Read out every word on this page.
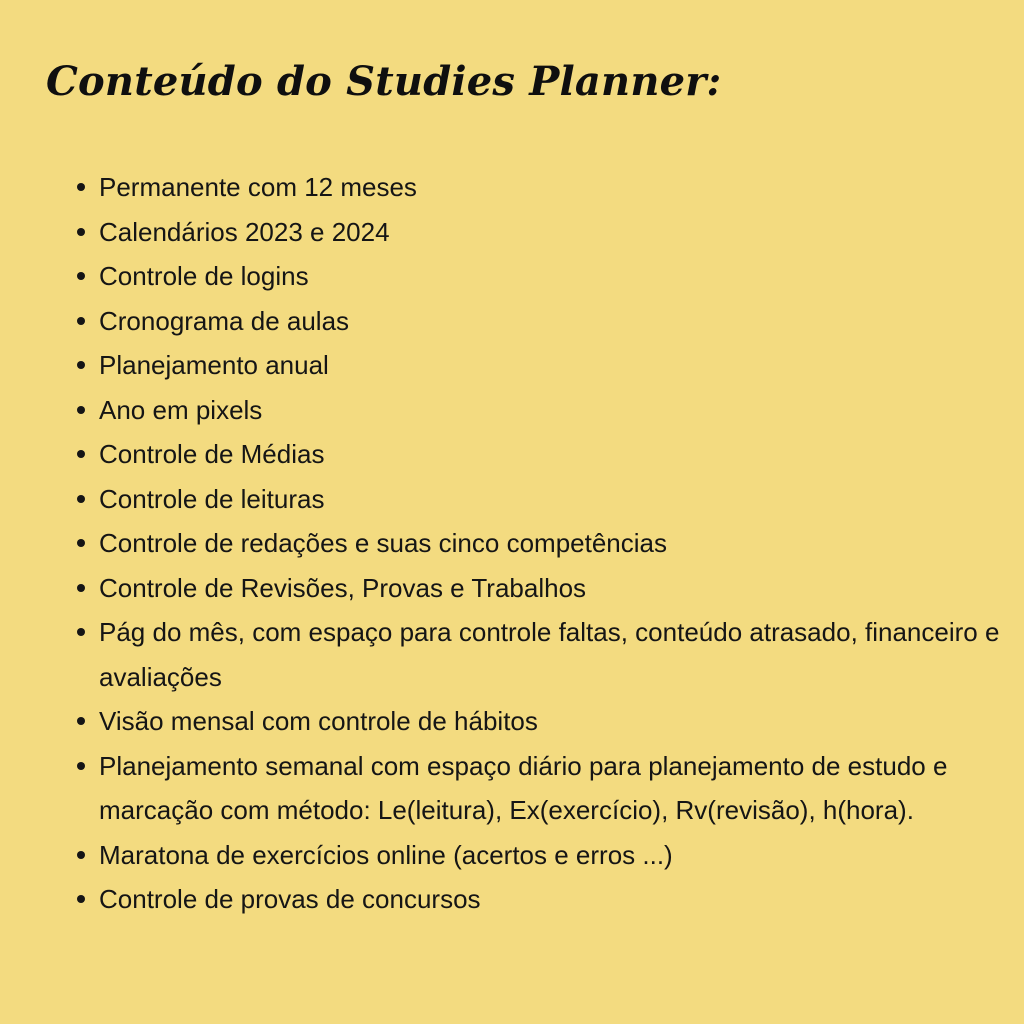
Conteúdo do Studies Planner:
Permanente com 12 meses
Calendários 2023 e 2024
Controle de logins
Cronograma de aulas
Planejamento anual
Ano em pixels
Controle de Médias
Controle de leituras
Controle de redações e suas cinco competências
Controle de Revisões, Provas e Trabalhos
Pág do mês, com espaço para controle faltas, conteúdo atrasado, financeiro e avaliações
Visão mensal com controle de hábitos
Planejamento semanal com espaço diário para planejamento de estudo e marcação com método: Le(leitura), Ex(exercício), Rv(revisão), h(hora).
Maratona de exercícios online (acertos e erros ...)
Controle de provas de concursos
